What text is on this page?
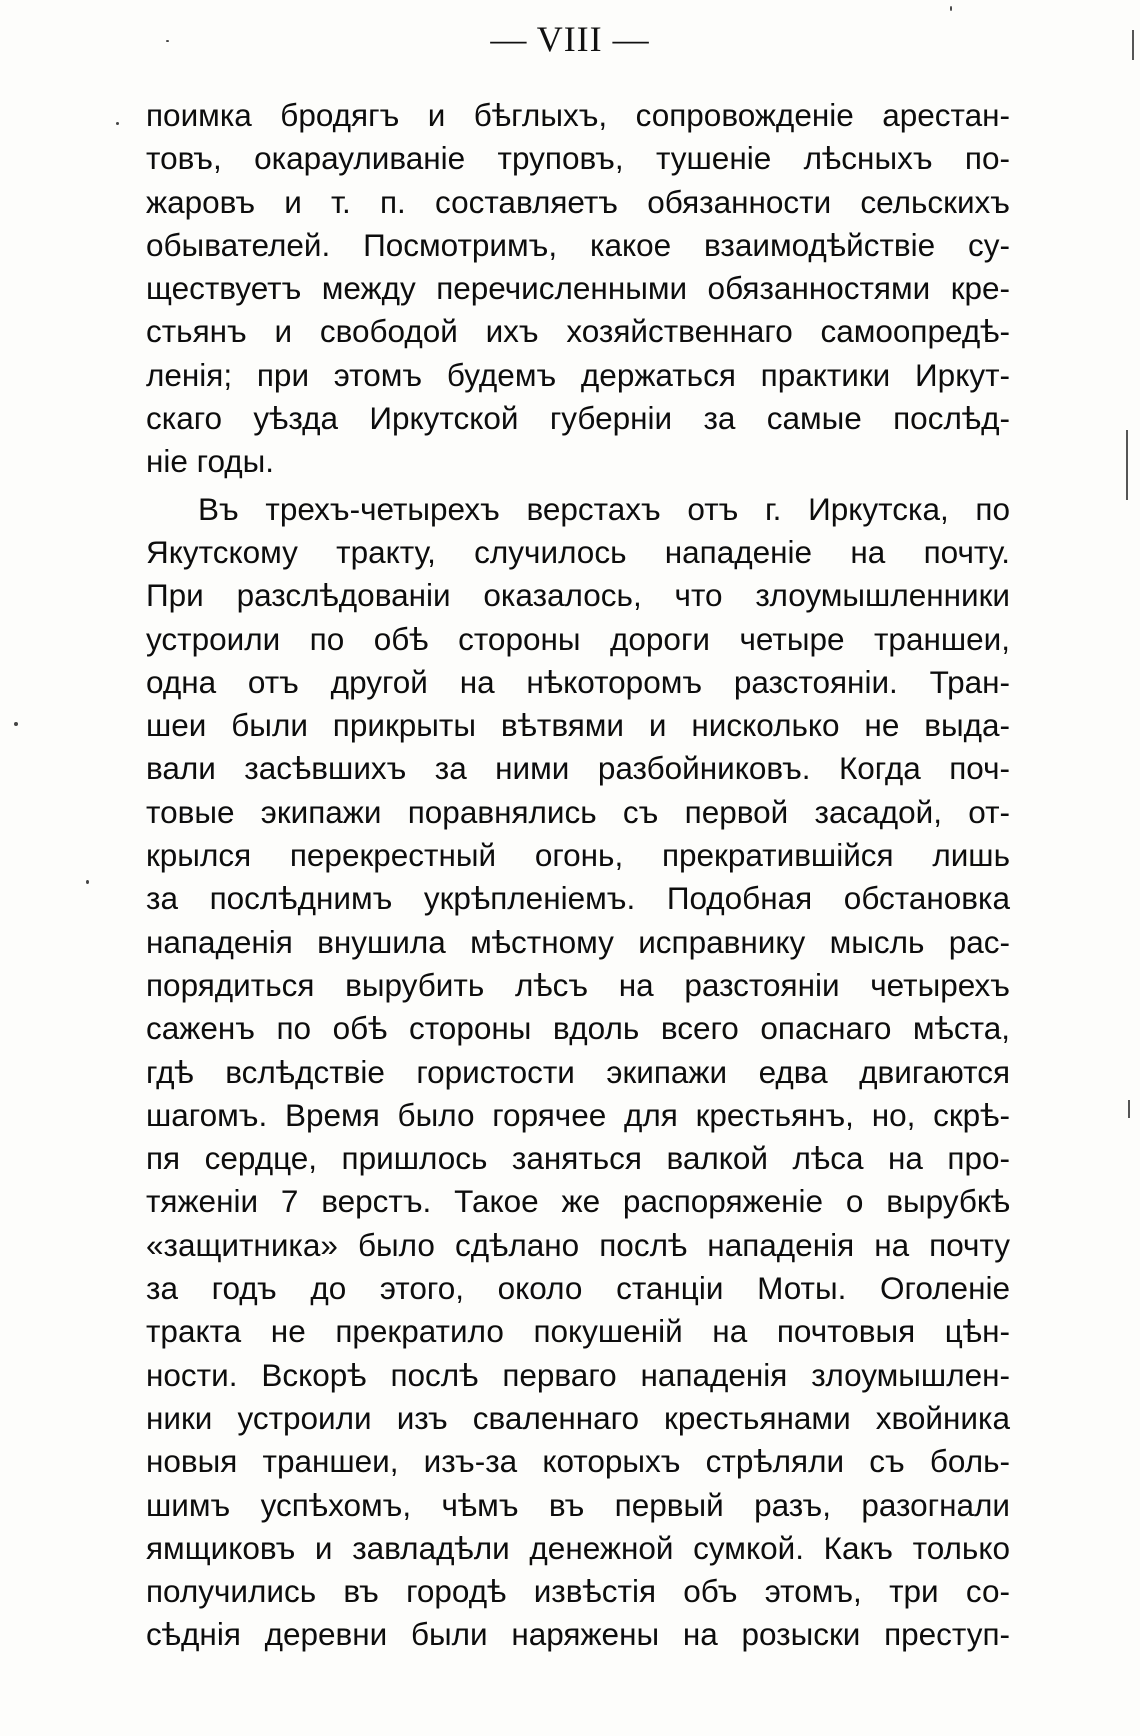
— VIII —
поимка бродягъ и бѣглыхъ, сопровожденіе арестан-
товъ, окарауливаніе труповъ, тушеніе лѣсныхъ по-
жаровъ и т. п. составляетъ обязанности сельскихъ
обывателей. Посмотримъ, какое взаимодѣйствіе су-
ществуетъ между перечисленными обязанностями кре-
стьянъ и свободой ихъ хозяйственнаго самоопредѣ-
ленія; при этомъ будемъ держаться практики Иркут-
скаго уѣзда Иркутской губерніи за самые послѣд-
ніе годы.
Въ трехъ-четырехъ верстахъ отъ г. Иркутска, по
Якутскому тракту, случилось нападеніе на почту.
При разслѣдованіи оказалось, что злоумышленники
устроили по обѣ стороны дороги четыре траншеи,
одна отъ другой на нѣкоторомъ разстояніи. Тран-
шеи были прикрыты вѣтвями и нисколько не выда-
вали засѣвшихъ за ними разбойниковъ. Когда поч-
товые экипажи поравнялись съ первой засадой, от-
крылся перекрестный огонь, прекратившійся лишь
за послѣднимъ укрѣпленіемъ. Подобная обстановка
нападенія внушила мѣстному исправнику мысль рас-
порядиться вырубить лѣсъ на разстояніи четырехъ
саженъ по обѣ стороны вдоль всего опаснаго мѣста,
гдѣ вслѣдствіе гористости экипажи едва двигаются
шагомъ. Время было горячее для крестьянъ, но, скрѣ-
пя сердце, пришлось заняться валкой лѣса на про-
тяженіи 7 верстъ. Такое же распоряженіе о вырубкѣ
«защитника» было сдѣлано послѣ нападенія на почту
за годъ до этого, около станціи Моты. Оголеніе
тракта не прекратило покушеній на почтовыя цѣн-
ности. Вскорѣ послѣ перваго нападенія злоумышлен-
ники устроили изъ сваленнаго крестьянами хвойника
новыя траншеи, изъ-за которыхъ стрѣляли съ боль-
шимъ успѣхомъ, чѣмъ въ первый разъ, разогнали
ямщиковъ и завладѣли денежной сумкой. Какъ только
получились въ городѣ извѣстія объ этомъ, три со-
сѣднія деревни были наряжены на розыски преступ-
